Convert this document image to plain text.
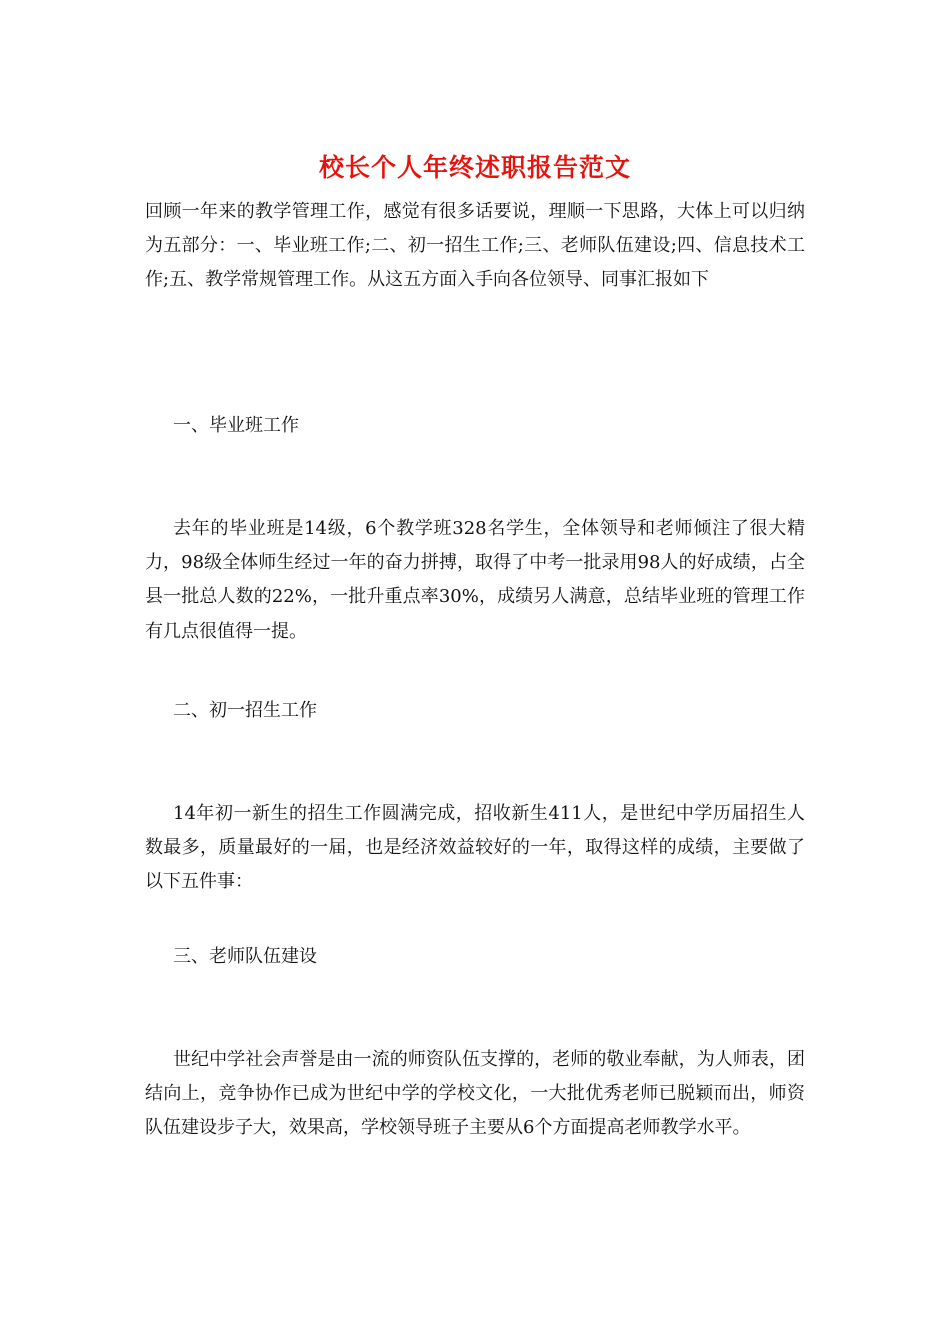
校长个人年终述职报告范文

回顾一年来的教学管理工作，感觉有很多话要说，理顺一下思路，大体上可以归纳为五部分：一、毕业班工作;二、初一招生工作;三、老师队伍建设;四、信息技术工作;五、教学常规管理工作。从这五方面入手向各位领导、同事汇报如下

一、毕业班工作

去年的毕业班是14级，6个教学班328名学生，全体领导和老师倾注了很大精力，98级全体师生经过一年的奋力拼搏，取得了中考一批录用98人的好成绩，占全县一批总人数的22%，一批升重点率30%，成绩另人满意，总结毕业班的管理工作有几点很值得一提。

二、初一招生工作

14年初一新生的招生工作圆满完成，招收新生411人，是世纪中学历届招生人数最多，质量最好的一届，也是经济效益较好的一年，取得这样的成绩，主要做了以下五件事：

三、老师队伍建设

世纪中学社会声誉是由一流的师资队伍支撑的，老师的敬业奉献，为人师表，团结向上，竞争协作已成为世纪中学的学校文化，一大批优秀老师已脱颖而出，师资队伍建设步子大，效果高，学校领导班子主要从6个方面提高老师教学水平。
